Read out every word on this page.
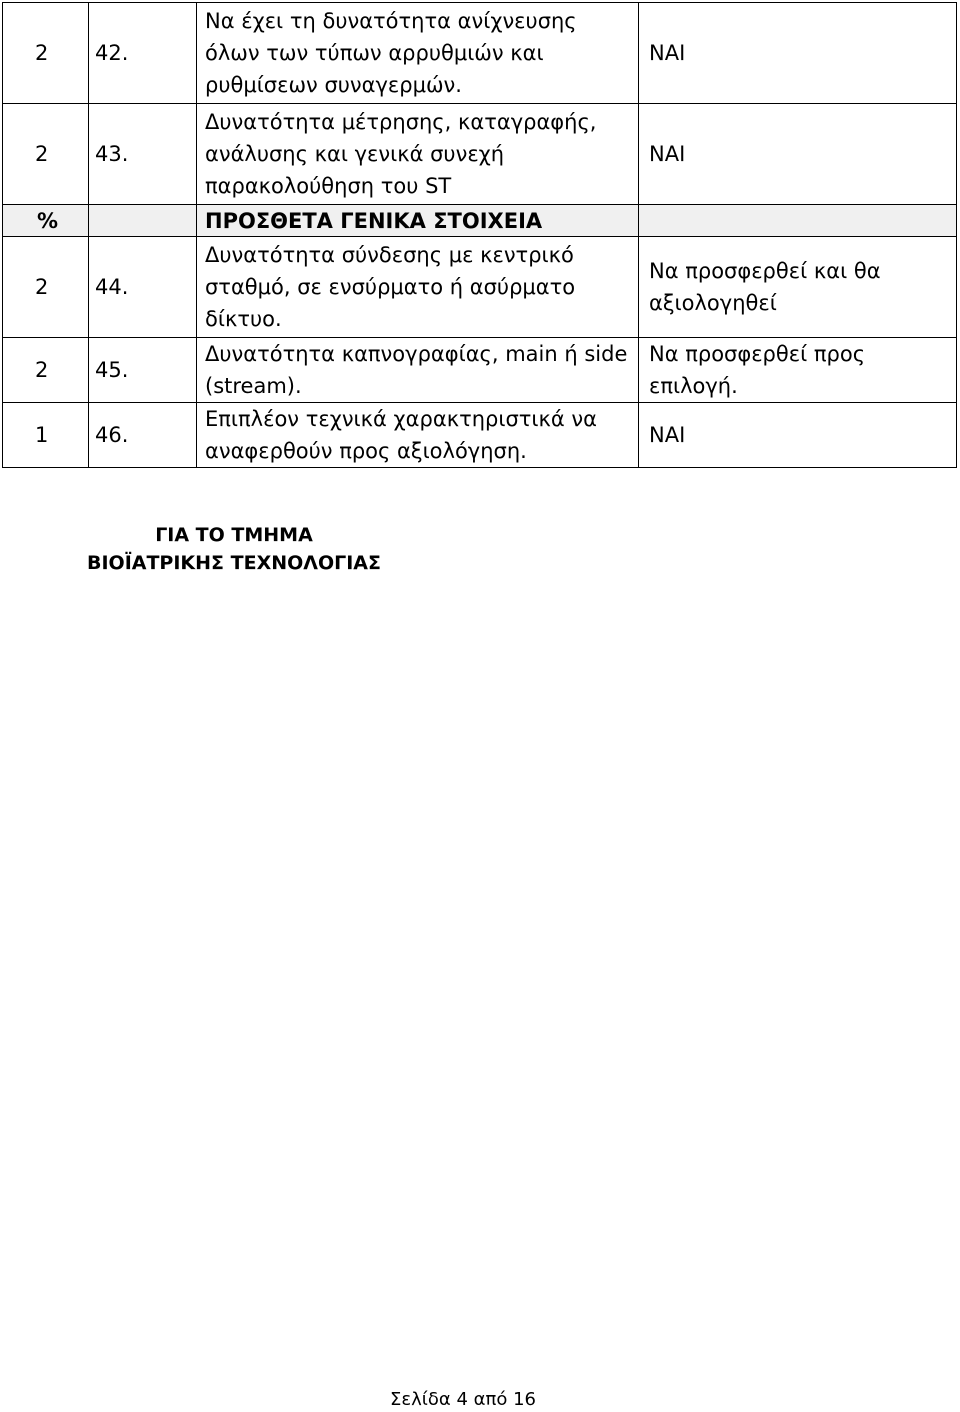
2	42.	Να έχει τη δυνατότητα ανίχνευσης όλων των τύπων αρρυθμιών και ρυθμίσεων συναγερμών.	ΝΑΙ
2	43.	Δυνατότητα μέτρησης, καταγραφής, ανάλυσης και γενικά συνεχή παρακολούθηση του ST	ΝΑΙ
%		ΠΡΟΣΘΕΤΑ ΓΕΝΙΚΑ ΣΤΟΙΧΕΙΑ	
2	44.	Δυνατότητα σύνδεσης με κεντρικό σταθμό, σε ενσύρματο ή ασύρματο δίκτυο.	Να προσφερθεί και θα αξιολογηθεί
2	45.	Δυνατότητα καπνογραφίας, main ή side (stream).	Να προσφερθεί προς επιλογή.
1	46.	Επιπλέον τεχνικά χαρακτηριστικά να αναφερθούν προς αξιολόγηση.	ΝΑΙ
ΓΙΑ ΤΟ ΤΜΗΜΑ
ΒΙΟΪΑΤΡΙΚΗΣ ΤΕΧΝΟΛΟΓΙΑΣ
Σελίδα 4 από 16
